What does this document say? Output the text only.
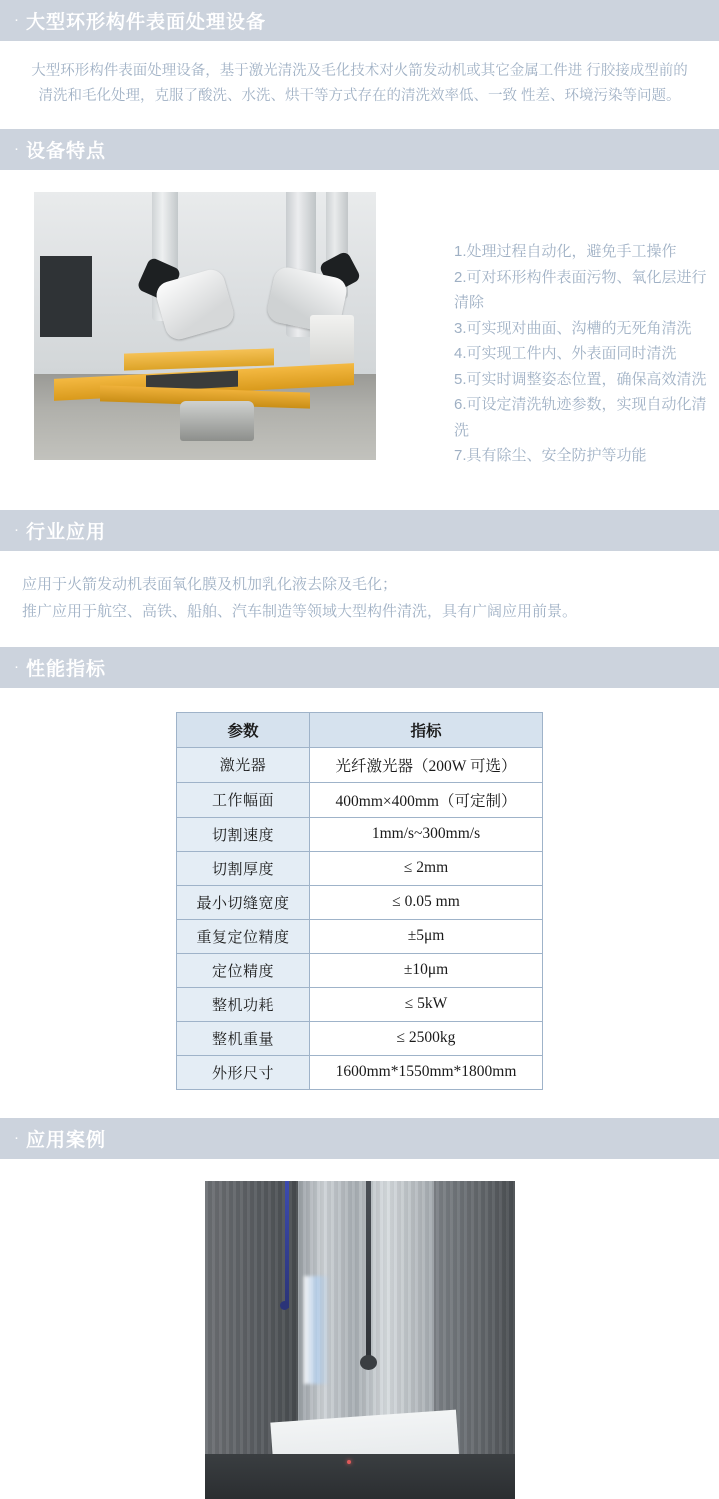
· 大型环形构件表面处理设备
大型环形构件表面处理设备，基于激光清洗及毛化技术对火箭发动机或其它金属工件进 行胶接成型前的清洗和毛化处理，克服了酸洗、水洗、烘干等方式存在的清洗效率低、一致 性差、环境污染等问题。
· 设备特点
1.处理过程自动化，避免手工操作
2.可对环形构件表面污物、氧化层进行清除
3.可实现对曲面、沟槽的无死角清洗
4.可实现工件内、外表面同时清洗
5.可实时调整姿态位置，确保高效清洗
6.可设定清洗轨迹参数，实现自动化清洗
7.具有除尘、安全防护等功能
· 行业应用
应用于火箭发动机表面氧化膜及机加乳化液去除及毛化；
推广应用于航空、高铁、船舶、汽车制造等领域大型构件清洗，具有广阔应用前景。
· 性能指标
参数	指标
激光器	光纤激光器（200W 可选）
工作幅面	400mm×400mm（可定制）
切割速度	1mm/s~300mm/s
切割厚度	≤ 2mm
最小切缝宽度	≤ 0.05 mm
重复定位精度	±5μm
定位精度	±10μm
整机功耗	≤ 5kW
整机重量	≤ 2500kg
外形尺寸	1600mm*1550mm*1800mm
· 应用案例
